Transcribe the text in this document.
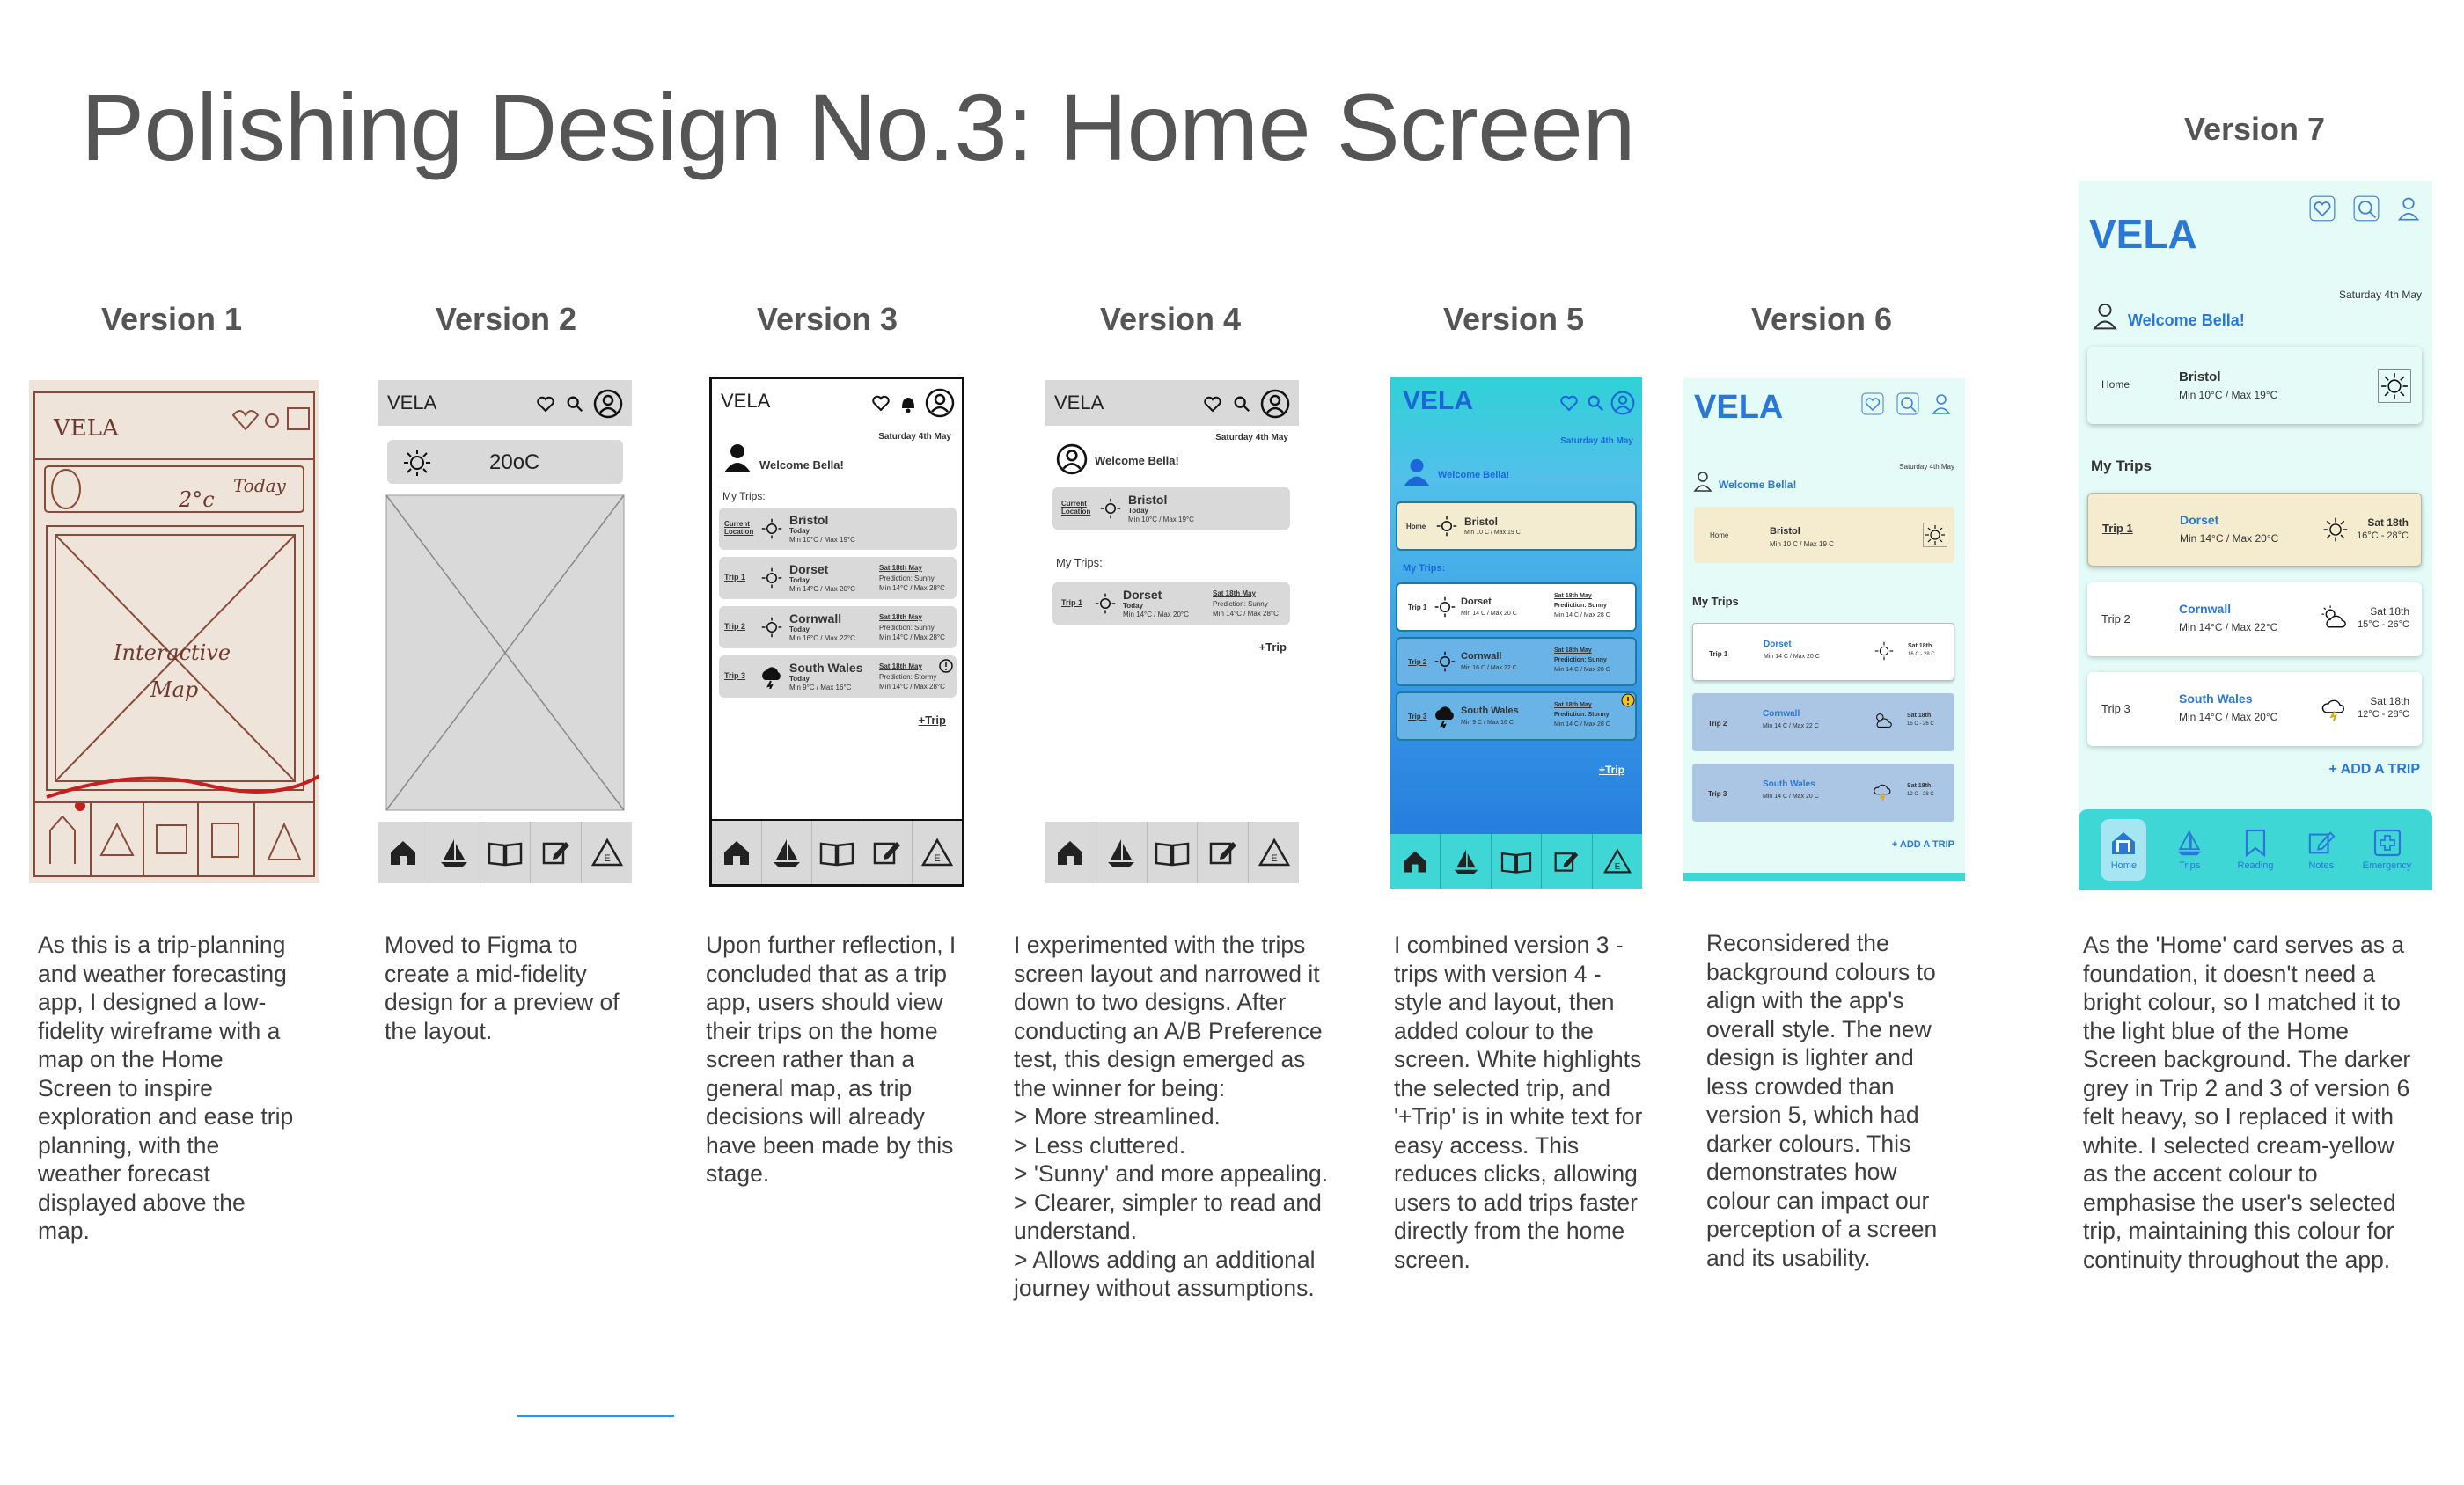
Polishing Design No.3: Home Screen
Version 1	Version 2	Version 3	Version 4	Version 5	Version 6
Version 7
VELA
2°c
Today
Interactive
Map
VELA
20oC
E
VELA
Saturday 4th May
Welcome Bella!
My Trips:
Current Location
Bristol
Today
Min 10°C / Max 19°C
Trip 1
Dorset
Today
Min 14°C / Max 20°C
Sat 18th May
Prediction: Sunny
Min 14°C / Max 28°C
Trip 2
Cornwall
Today
Min 16°C / Max 22°C
Sat 18th May
Prediction: Sunny
Min 14°C / Max 28°C
Trip 3
South Wales
Today
Min 9°C / Max 16°C
Sat 18th May
Prediction: Stormy
Min 14°C / Max 28°C
+Trip
E
VELA
Saturday 4th May
Welcome Bella!
Current Location
Bristol
Today
Min 10°C / Max 19°C
My Trips:
Trip 1
Dorset
Today
Min 14°C / Max 20°C
Sat 18th May
Prediction: Sunny
Min 14°C / Max 28°C
+Trip
E
VELA
Saturday 4th May
Welcome Bella!
Home	Bristol
Min 10 C / Max 19 C
My Trips:
Trip 1
Dorset
Min 14 C / Max 20 C
Sat 18th May
Prediction: Sunny
Min 14 C / Max 28 C
Trip 2
Cornwall
Min 16 C / Max 22 C
Sat 18th May
Prediction: Sunny
Min 14 C / Max 28 C
Trip 3
South Wales
Min 9 C / Max 16 C
Sat 18th May
Prediction: Stormy
Min 14 C / Max 28 C
+Trip
E
VELA
Saturday 4th May
Welcome Bella!
Home	Bristol
Min 10 C / Max 19 C
My Trips
Trip 1
Dorset
Min 14 C / Max 20 C
Sat 18th
16 C - 28 C
Trip 2
Cornwall
Min 14 C / Max 22 C
Sat 18th
15 C - 26 C
Trip 3
South Wales
Min 14 C / Max 20 C
Sat 18th
12 C - 28 C
+ ADD A TRIP
VELA
Saturday 4th May
Welcome Bella!
Home	Bristol
Min 10°C / Max 19°C
My Trips
Trip 1
Dorset
Min 14°C / Max 20°C
Sat 18th
16°C - 28°C
Trip 2
Cornwall
Min 14°C / Max 22°C
Sat 18th
15°C - 26°C
Trip 3
South Wales
Min 14°C / Max 20°C
Sat 18th
12°C - 28°C
+ ADD A TRIP
Home	Trips	Reading	Notes	Emergency

As this is a trip-planning and weather forecasting app, I designed a low-fidelity wireframe with a map on the Home Screen to inspire exploration and ease trip planning, with the weather forecast displayed above the map.

Moved to Figma to create a mid-fidelity design for a preview of the layout.

Upon further reflection, I concluded that as a trip app, users should view their trips on the home screen rather than a general map, as trip decisions will already have been made by this stage.

I experimented with the trips screen layout and narrowed it down to two designs. After conducting an A/B Preference test, this design emerged as the winner for being:

> More streamlined.

> Less cluttered.

> 'Sunny' and more appealing.

> Clearer, simpler to read and understand.

> Allows adding an additional journey without assumptions.

I combined version 3 - trips with version 4 - style and layout, then added colour to the screen. White highlights the selected trip, and '+Trip' is in white text for easy access. This reduces clicks, allowing users to add trips faster directly from the home screen.

Reconsidered the background colours to align with the app's overall style. The new design is lighter and less crowded than version 5, which had darker colours. This demonstrates how colour can impact our perception of a screen and its usability.

As the 'Home' card serves as a foundation, it doesn't need a bright colour, so I matched it to the light blue of the Home Screen background. The darker grey in Trip 2 and 3 of version 6 felt heavy, so I replaced it with white. I selected cream-yellow as the accent colour to emphasise the user's selected trip, maintaining this colour for continuity throughout the app.
